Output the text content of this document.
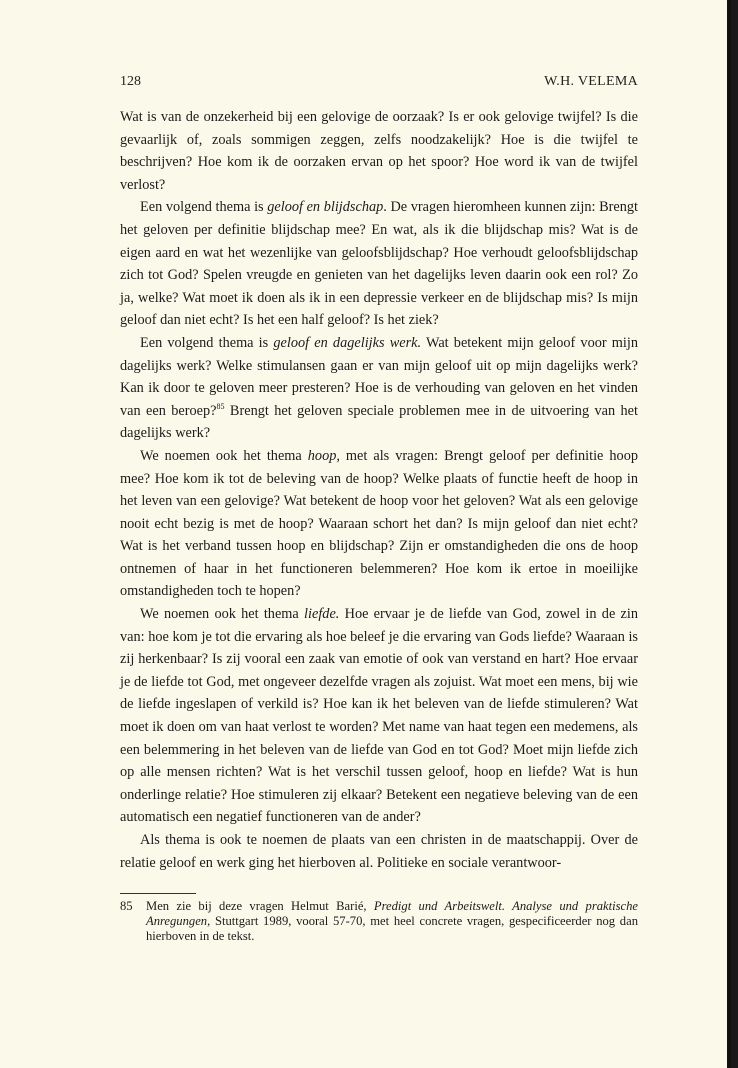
128	W.H. VELEMA

Wat is van de onzekerheid bij een gelovige de oorzaak? Is er ook gelovige twijfel? Is die gevaarlijk of, zoals sommigen zeggen, zelfs noodzakelijk? Hoe is die twijfel te beschrijven? Hoe kom ik de oorzaken ervan op het spoor? Hoe word ik van de twijfel verlost?

Een volgend thema is geloof en blijdschap. De vragen hieromheen kunnen zijn: Brengt het geloven per definitie blijdschap mee? En wat, als ik die blijdschap mis? Wat is de eigen aard en wat het wezenlijke van geloofsblijdschap? Hoe verhoudt geloofsblijdschap zich tot God? Spelen vreugde en genieten van het dagelijks leven daarin ook een rol? Zo ja, welke? Wat moet ik doen als ik in een depressie verkeer en de blijdschap mis? Is mijn geloof dan niet echt? Is het een half geloof? Is het ziek?

Een volgend thema is geloof en dagelijks werk. Wat betekent mijn geloof voor mijn dagelijks werk? Welke stimulansen gaan er van mijn geloof uit op mijn dagelijks werk? Kan ik door te geloven meer presteren? Hoe is de verhouding van geloven en het vinden van een beroep?$^{85}$ Brengt het geloven speciale problemen mee in de uitvoering van het dagelijks werk?

We noemen ook het thema hoop, met als vragen: Brengt geloof per definitie hoop mee? Hoe kom ik tot de beleving van de hoop? Welke plaats of functie heeft de hoop in het leven van een gelovige? Wat betekent de hoop voor het geloven? Wat als een gelovige nooit echt bezig is met de hoop? Waaraan schort het dan? Is mijn geloof dan niet echt? Wat is het verband tussen hoop en blijdschap? Zijn er omstandigheden die ons de hoop ontnemen of haar in het functioneren belemmeren? Hoe kom ik ertoe in moeilijke omstandigheden toch te hopen?

We noemen ook het thema liefde. Hoe ervaar je de liefde van God, zowel in de zin van: hoe kom je tot die ervaring als hoe beleef je die ervaring van Gods liefde? Waaraan is zij herkenbaar? Is zij vooral een zaak van emotie of ook van verstand en hart? Hoe ervaar je de liefde tot God, met ongeveer dezelfde vragen als zojuist. Wat moet een mens, bij wie de liefde ingeslapen of verkild is? Hoe kan ik het beleven van de liefde stimuleren? Wat moet ik doen om van haat verlost te worden? Met name van haat tegen een medemens, als een belemmering in het beleven van de liefde van God en tot God? Moet mijn liefde zich op alle mensen richten? Wat is het verschil tussen geloof, hoop en liefde? Wat is hun onderlinge relatie? Hoe stimuleren zij elkaar? Betekent een negatieve beleving van de een automatisch een negatief functioneren van de ander?

Als thema is ook te noemen de plaats van een christen in de maatschappij. Over de relatie geloof en werk ging het hierboven al. Politieke en sociale verantwoor-

85 Men zie bij deze vragen Helmut Barié, Predigt und Arbeitswelt. Analyse und praktische Anregungen, Stuttgart 1989, vooral 57-70, met heel concrete vragen, gespecificeerder nog dan hierboven in de tekst.
